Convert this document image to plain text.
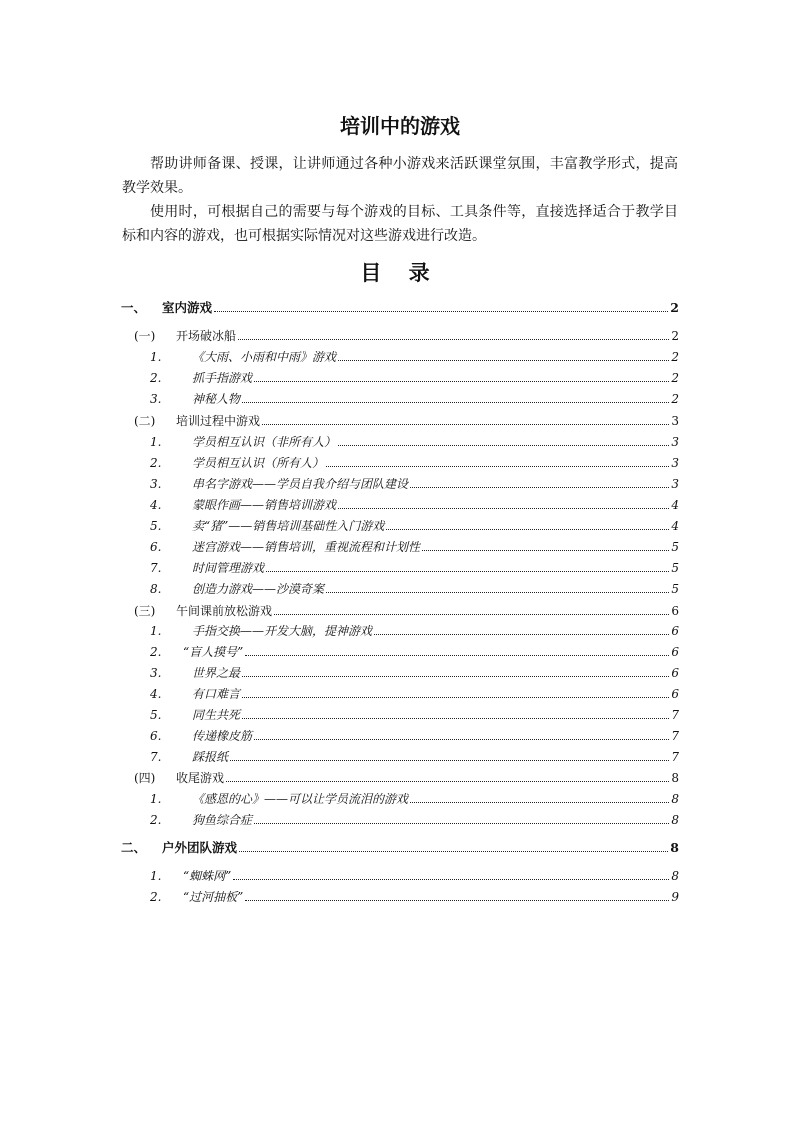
培训中的游戏
帮助讲师备课、授课，让讲师通过各种小游戏来活跃课堂氛围，丰富教学形式，提高教学效果。
使用时，可根据自己的需要与每个游戏的目标、工具条件等，直接选择适合于教学目标和内容的游戏，也可根据实际情况对这些游戏进行改造。
目 录
一、 室内游戏	2
(一) 开场破冰船	2
1.	《大雨、小雨和中雨》游戏	2
2.	抓手指游戏	2
3.	神秘人物	2
(二) 培训过程中游戏	3
1.	学员相互认识（非所有人）	3
2.	学员相互认识（所有人）	3
3.	串名字游戏——学员自我介绍与团队建设	3
4.	蒙眼作画——销售培训游戏	4
5.	卖“猪”——销售培训基础性入门游戏	4
6.	迷宫游戏——销售培训，重视流程和计划性	5
7.	时间管理游戏	5
8.	创造力游戏——沙漠奇案	5
(三) 午间课前放松游戏	6
1.	手指交换——开发大脑，提神游戏	6
2. “盲人摸号”	6
3.	世界之最	6
4.	有口难言	6
5.	同生共死	7
6.	传递橡皮筋	7
7.	踩报纸	7
(四) 收尾游戏	8
1.	《感恩的心》——可以让学员流泪的游戏	8
2.	狗鱼综合症	8
二、 户外团队游戏	8
1. “蜘蛛网”	8
2. “过河抽板”	9
